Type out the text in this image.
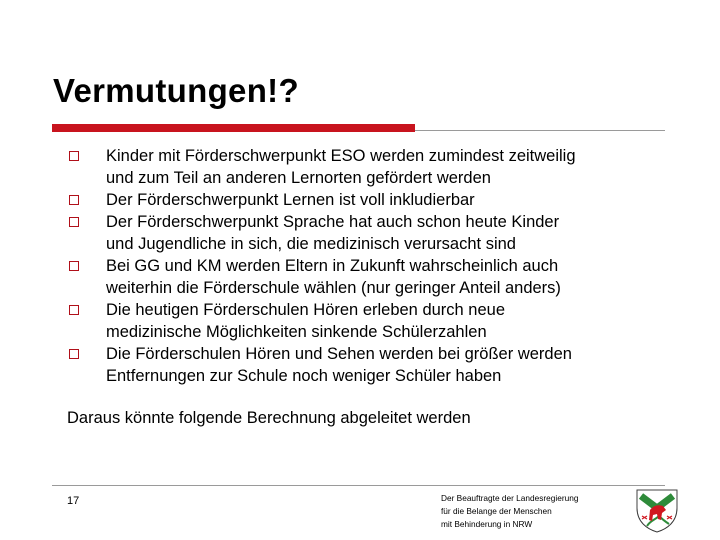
Vermutungen!?
Kinder mit Förderschwerpunkt ESO werden zumindest zeitweilig
und zum Teil an anderen Lernorten gefördert werden
Der Förderschwerpunkt Lernen ist voll inkludierbar
Der Förderschwerpunkt Sprache hat auch schon heute Kinder
und Jugendliche in sich, die medizinisch verursacht sind
Bei GG und KM werden Eltern in Zukunft wahrscheinlich auch
weiterhin die Förderschule wählen (nur geringer Anteil anders)
Die heutigen Förderschulen Hören erleben durch neue
medizinische Möglichkeiten sinkende Schülerzahlen
Die Förderschulen Hören und Sehen werden bei größer werden
Entfernungen zur Schule noch weniger Schüler haben
Daraus könnte folgende Berechnung abgeleitet werden
17	Der Beauftragte der Landesregierung
für die Belange der Menschen
mit Behinderung in NRW
